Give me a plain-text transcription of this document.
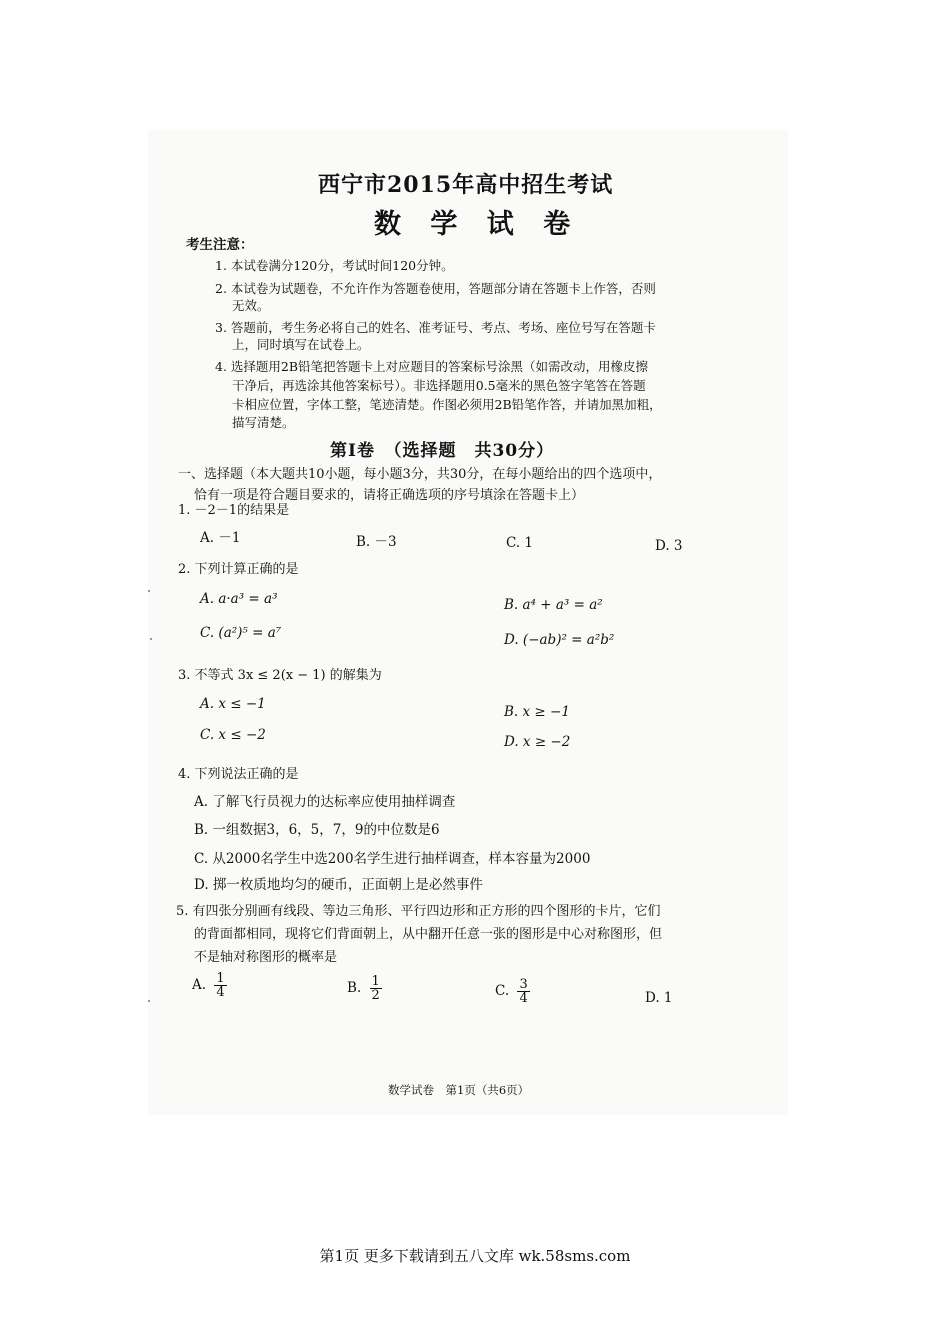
西宁市2015年高中招生考试
数 学 试 卷
考生注意：
1. 本试卷满分120分，考试时间120分钟。
2. 本试卷为试题卷，不允许作为答题卷使用，答题部分请在答题卡上作答，否则
无效。
3. 答题前，考生务必将自己的姓名、准考证号、考点、考场、座位号写在答题卡
上，同时填写在试卷上。
4. 选择题用2B铅笔把答题卡上对应题目的答案标号涂黑（如需改动，用橡皮擦
干净后，再选涂其他答案标号）。非选择题用0.5毫米的黑色签字笔答在答题
卡相应位置，字体工整，笔迹清楚。作图必须用2B铅笔作答，并请加黑加粗，
描写清楚。
第Ⅰ卷　（选择题　共30分）
一、选择题（本大题共10小题，每小题3分，共30分，在每小题给出的四个选项中，
恰有一项是符合题目要求的，请将正确选项的序号填涂在答题卡上）
1. －2－1的结果是
A. －1	B. －3	C. 1	D. 3
2. 下列计算正确的是
A. a·a³ = a³	B. a⁴ + a³ = a²
C. (a²)⁵ = a⁷	D. (−ab)² = a²b²
3. 不等式 3x ≤ 2(x − 1) 的解集为
A. x ≤ −1	B. x ≥ −1
C. x ≤ −2	D. x ≥ −2
4. 下列说法正确的是
A. 了解飞行员视力的达标率应使用抽样调查
B. 一组数据3，6，5，7，9的中位数是6
C. 从2000名学生中选200名学生进行抽样调查，样本容量为2000
D. 掷一枚质地均匀的硬币，正面朝上是必然事件
5. 有四张分别画有线段、等边三角形、平行四边形和正方形的四个图形的卡片，它们
的背面都相同，现将它们背面朝上，从中翻开任意一张的图形是中心对称图形，但
不是轴对称图形的概率是
A. $\frac{1}{4}$	B. $\frac{1}{2}$	C. $\frac{3}{4}$	D. 1
数学试卷　第1页（共6页）
第1页 更多下载请到五八文库 wk.58sms.com
